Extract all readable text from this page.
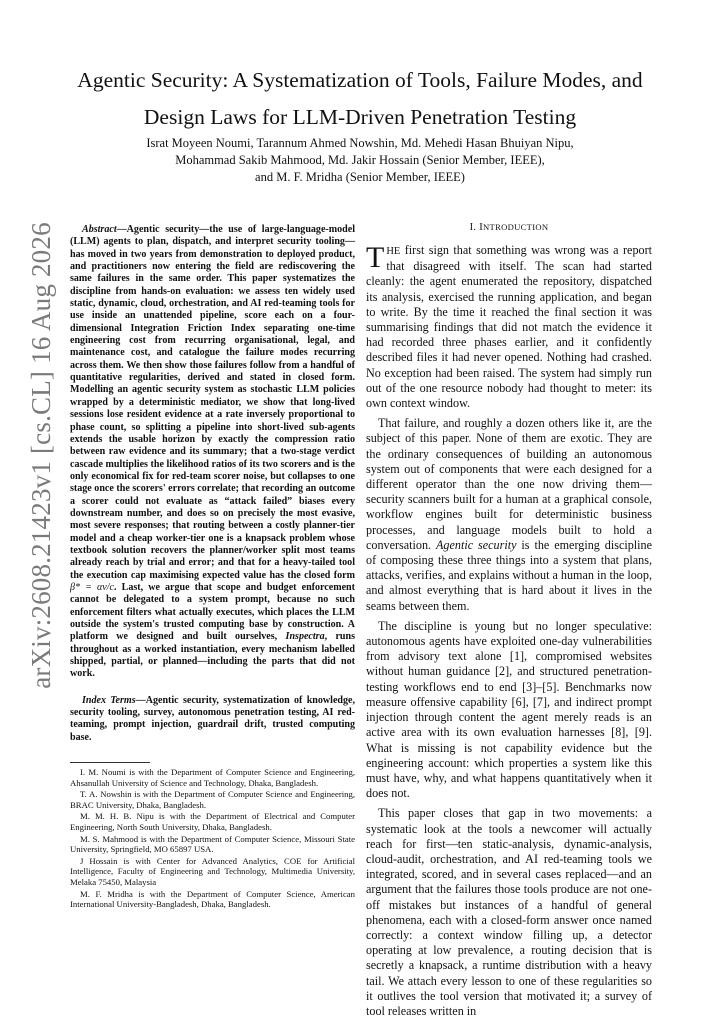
arXiv:2608.21423v1 [cs.CL] 16 Aug 2026
Agentic Security: A Systematization of Tools, Failure Modes, and
Design Laws for LLM-Driven Penetration Testing
Israt Moyeen Noumi, Tarannum Ahmed Nowshin, Md. Mehedi Hasan Bhuiyan Nipu,
Mohammad Sakib Mahmood, Md. Jakir Hossain (Senior Member, IEEE),
and M. F. Mridha (Senior Member, IEEE)

Abstract—Agentic security—the use of large-language-model (LLM) agents to plan, dispatch, and interpret security tooling—has moved in two years from demonstration to deployed product, and practitioners now entering the field are rediscovering the same failures in the same order. This paper systematizes the discipline from hands-on evaluation: we assess ten widely used static, dynamic, cloud, orchestration, and AI red-teaming tools for use inside an unattended pipeline, score each on a four-dimensional Integration Friction Index separating one-time engineering cost from recurring organisational, legal, and maintenance cost, and catalogue the failure modes recurring across them. We then show those failures follow from a handful of quantitative regularities, derived and stated in closed form. Modelling an agentic security system as stochastic LLM policies wrapped by a deterministic mediator, we show that long-lived sessions lose resident evidence at a rate inversely proportional to phase count, so splitting a pipeline into short-lived sub-agents extends the usable horizon by exactly the compression ratio between raw evidence and its summary; that a two-stage verdict cascade multiplies the likelihood ratios of its two scorers and is the only economical fix for red-team scorer noise, but collapses to one stage once the scorers' errors correlate; that recording an outcome a scorer could not evaluate as “attack failed” biases every downstream number, and does so on precisely the most evasive, most severe responses; that routing between a costly planner-tier model and a cheap worker-tier one is a knapsack problem whose textbook solution recovers the planner/worker split most teams already reach by trial and error; and that for a heavy-tailed tool the execution cap maximising expected value has the closed form β* = αv/c. Last, we argue that scope and budget enforcement cannot be delegated to a system prompt, because no such enforcement filters what actually executes, which places the LLM outside the system's trusted computing base by construction. A platform we designed and built ourselves, Inspectra, runs throughout as a worked instantiation, every mechanism labelled shipped, partial, or planned—including the parts that did not work.

Index Terms—Agentic security, systematization of knowledge, security tooling, survey, autonomous penetration testing, AI red-teaming, prompt injection, guardrail drift, trusted computing base.

I. M. Noumi is with the Department of Computer Science and Engineering, Ahsanullah University of Science and Technology, Dhaka, Bangladesh.

T. A. Nowshin is with the Department of Computer Science and Engineering, BRAC University, Dhaka, Bangladesh.

M. M. H. B. Nipu is with the Department of Electrical and Computer Engineering, North South University, Dhaka, Bangladesh.

M. S. Mahmood is with the Department of Computer Science, Missouri State University, Springfield, MO 65897 USA.

J Hossain is with Center for Advanced Analytics, COE for Artificial Intelligence, Faculty of Engineering and Technology, Multimedia University, Melaka 75450, Malaysia

M. F. Mridha is with the Department of Computer Science, American International University-Bangladesh, Dhaka, Bangladesh.

I. INTRODUCTION

THE first sign that something was wrong was a report that disagreed with itself. The scan had started cleanly: the agent enumerated the repository, dispatched its analysis, exercised the running application, and began to write. By the time it reached the final section it was summarising findings that did not match the evidence it had recorded three phases earlier, and it confidently described files it had never opened. Nothing had crashed. No exception had been raised. The system had simply run out of the one resource nobody had thought to meter: its own context window.

That failure, and roughly a dozen others like it, are the subject of this paper. None of them are exotic. They are the ordinary consequences of building an autonomous system out of components that were each designed for a different operator than the one now driving them—security scanners built for a human at a graphical console, workflow engines built for deterministic business processes, and language models built to hold a conversation. Agentic security is the emerging discipline of composing these three things into a system that plans, attacks, verifies, and explains without a human in the loop, and almost everything that is hard about it lives in the seams between them.

The discipline is young but no longer speculative: autonomous agents have exploited one-day vulnerabilities from advisory text alone [1], compromised websites without human guidance [2], and structured penetration-testing workflows end to end [3]–[5]. Benchmarks now measure offensive capability [6], [7], and indirect prompt injection through content the agent merely reads is an active area with its own evaluation harnesses [8], [9]. What is missing is not capability evidence but the engineering account: which properties a system like this must have, why, and what happens quantitatively when it does not.

This paper closes that gap in two movements: a systematic look at the tools a newcomer will actually reach for first—ten static-analysis, dynamic-analysis, cloud-audit, orchestration, and AI red-teaming tools we integrated, scored, and in several cases replaced—and an argument that the failures those tools produce are not one-off mistakes but instances of a handful of general phenomena, each with a closed-form answer once named correctly: a context window filling up, a detector operating at low prevalence, a routing decision that is secretly a knapsack, a runtime distribution with a heavy tail. We attach every lesson to one of these regularities so it outlives the tool version that motivated it; a survey of tool releases written in
